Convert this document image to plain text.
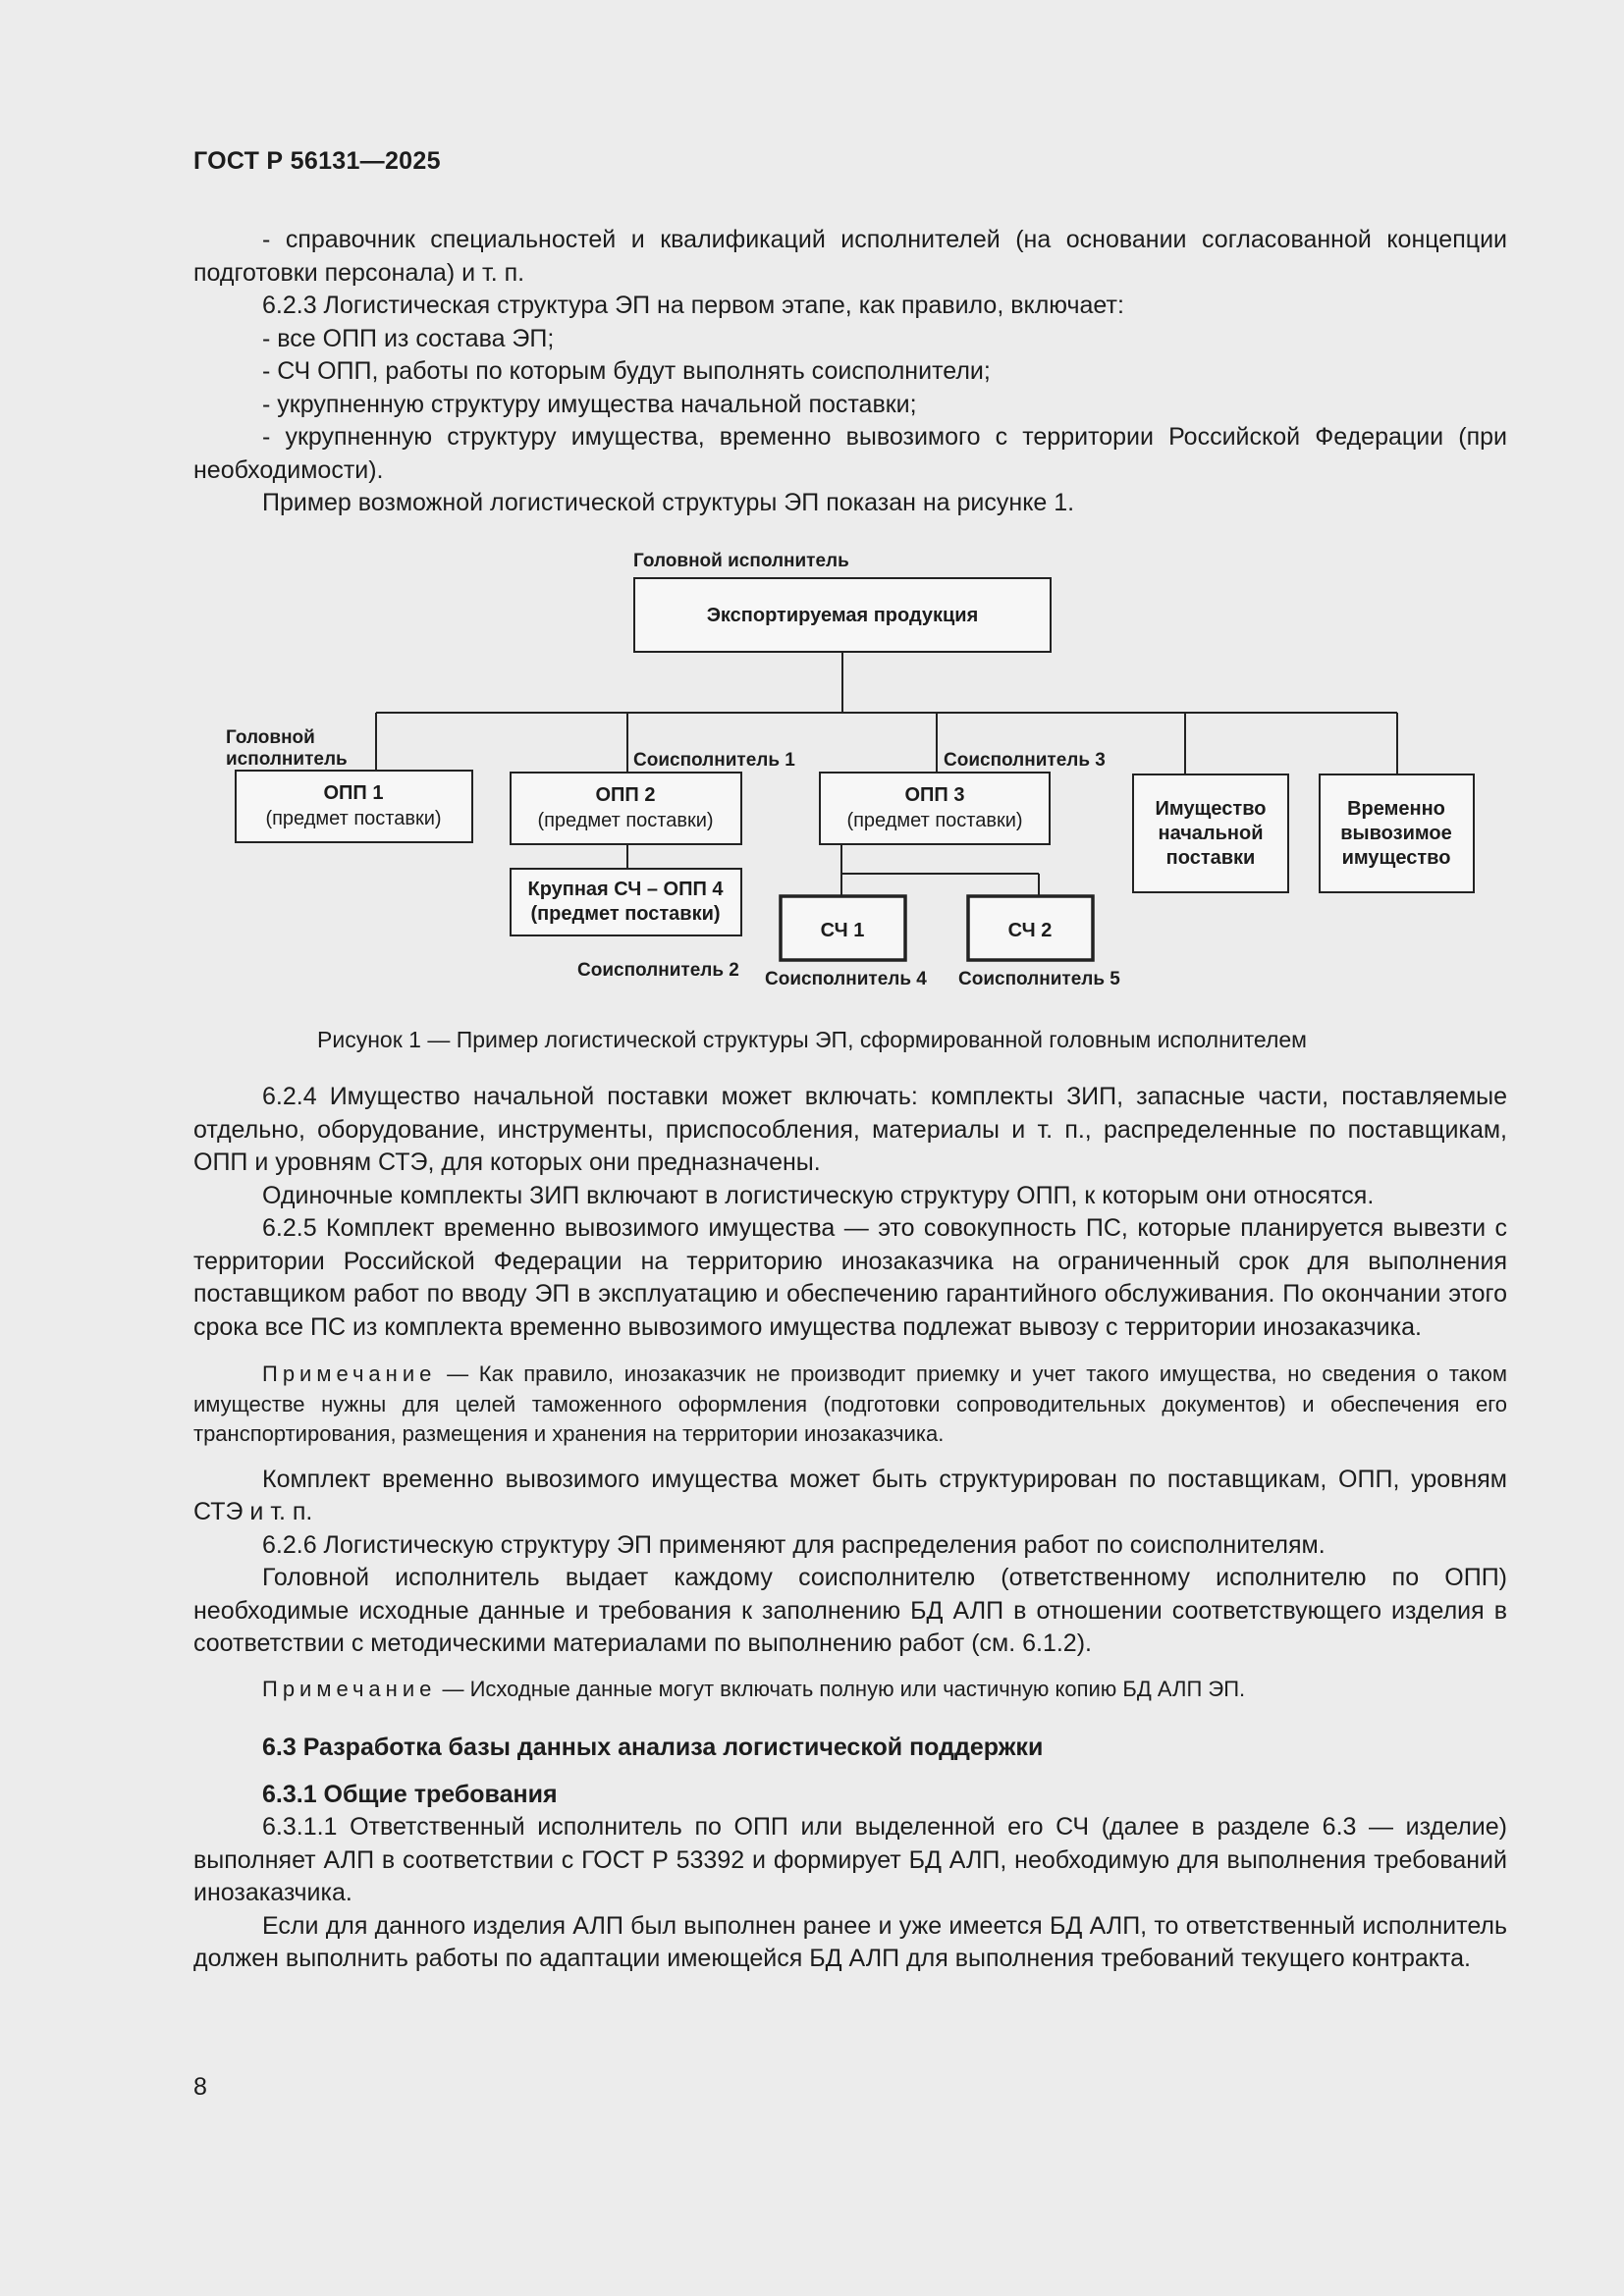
ГОСТ Р 56131—2025

- справочник специальностей и квалификаций исполнителей (на основании согласованной концепции подготовки персонала) и т. п.

6.2.3 Логистическая структура ЭП на первом этапе, как правило, включает:

- все ОПП из состава ЭП;

- СЧ ОПП, работы по которым будут выполнять соисполнители;

- укрупненную структуру имущества начальной поставки;

- укрупненную структуру имущества, временно вывозимого с территории Российской Федерации (при необходимости).

Пример возможной логистической структуры ЭП показан на рисунке 1.

Головной исполнитель
Экспортируемая продукция
Головной
исполнитель	Соисполнитель 1	Соисполнитель 3
Соисполнитель 2 Соисполнитель 4 Соисполнитель 5
ОПП 1
(предмет поставки)
ОПП 2
(предмет поставки)
ОПП 3
(предмет поставки)
Имущество
начальной
поставки
Временно
вывозимое
имущество
Крупная СЧ – ОПП 4
(предмет поставки)
СЧ 1	СЧ 2
Рисунок 1 — Пример логистической структуры ЭП, сформированной головным исполнителем

6.2.4 Имущество начальной поставки может включать: комплекты ЗИП, запасные части, поставляемые отдельно, оборудование, инструменты, приспособления, материалы и т. п., распределенные по поставщикам, ОПП и уровням СТЭ, для которых они предназначены.

Одиночные комплекты ЗИП включают в логистическую структуру ОПП, к которым они относятся.

6.2.5 Комплект временно вывозимого имущества — это совокупность ПС, которые планируется вывезти с территории Российской Федерации на территорию инозаказчика на ограниченный срок для выполнения поставщиком работ по вводу ЭП в эксплуатацию и обеспечению гарантийного обслуживания. По окончании этого срока все ПС из комплекта временно вывозимого имущества подлежат вывозу с территории инозаказчика.

Примечание — Как правило, инозаказчик не производит приемку и учет такого имущества, но сведения о таком имуществе нужны для целей таможенного оформления (подготовки сопроводительных документов) и обеспечения его транспортирования, размещения и хранения на территории инозаказчика.

Комплект временно вывозимого имущества может быть структурирован по поставщикам, ОПП, уровням СТЭ и т. п.

6.2.6 Логистическую структуру ЭП применяют для распределения работ по соисполнителям.

Головной исполнитель выдает каждому соисполнителю (ответственному исполнителю по ОПП) необходимые исходные данные и требования к заполнению БД АЛП в отношении соответствующего изделия в соответствии с методическими материалами по выполнению работ (см. 6.1.2).

Примечание — Исходные данные могут включать полную или частичную копию БД АЛП ЭП.

6.3 Разработка базы данных анализа логистической поддержки

6.3.1 Общие требования

6.3.1.1 Ответственный исполнитель по ОПП или выделенной его СЧ (далее в разделе 6.3 — изделие) выполняет АЛП в соответствии с ГОСТ Р 53392 и формирует БД АЛП, необходимую для выполнения требований инозаказчика.

Если для данного изделия АЛП был выполнен ранее и уже имеется БД АЛП, то ответственный исполнитель должен выполнить работы по адаптации имеющейся БД АЛП для выполнения требований текущего контракта.

8
